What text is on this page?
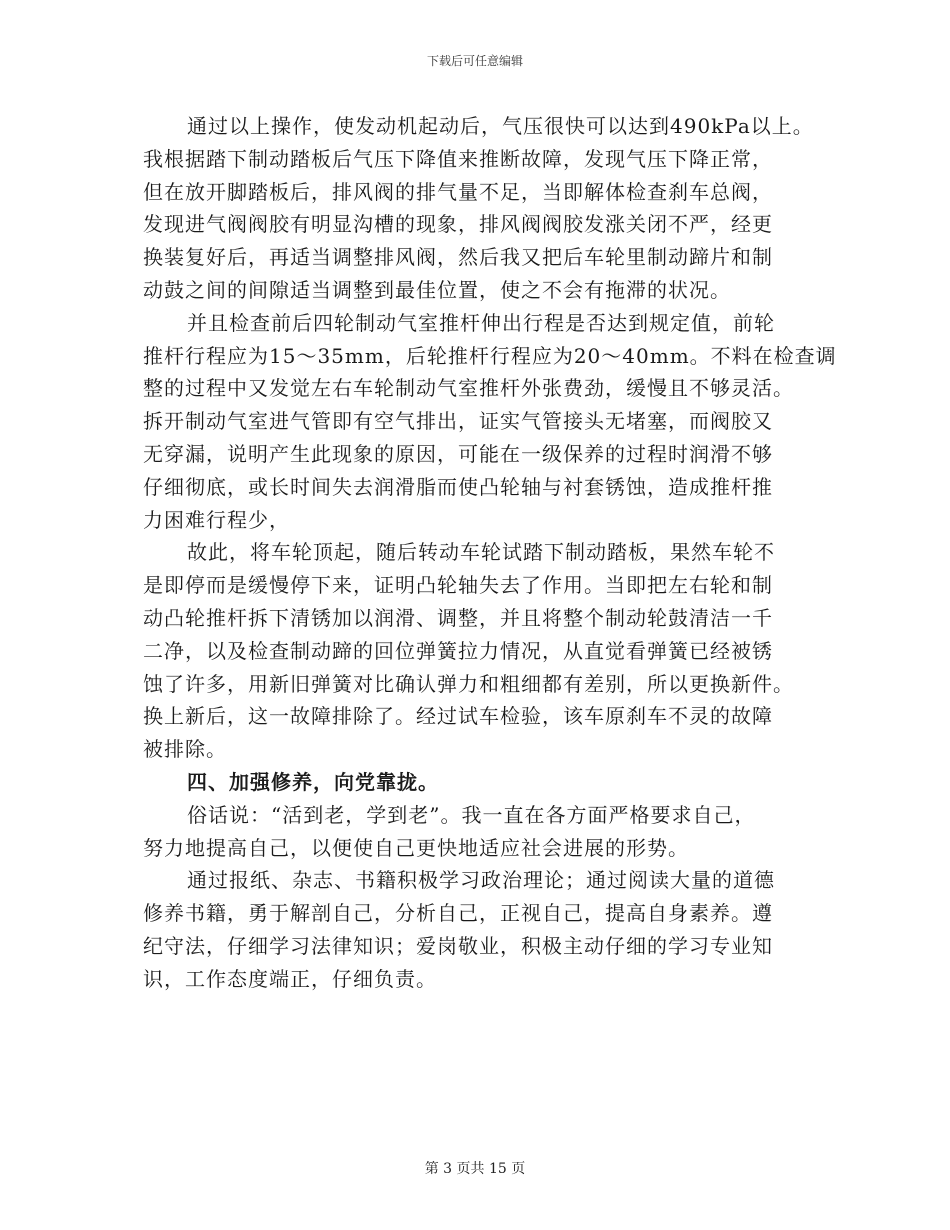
下载后可任意编辑
通过以上操作，使发动机起动后，气压很快可以达到490kPa以上。
我根据踏下制动踏板后气压下降值来推断故障，发现气压下降正常，
但在放开脚踏板后，排风阀的排气量不足，当即解体检查刹车总阀，
发现进气阀阀胶有明显沟槽的现象，排风阀阀胶发涨关闭不严，经更
换装复好后，再适当调整排风阀，然后我又把后车轮里制动蹄片和制
动鼓之间的间隙适当调整到最佳位置，使之不会有拖滞的状况。
并且检查前后四轮制动气室推杆伸出行程是否达到规定值，前轮
推杆行程应为15～35mm，后轮推杆行程应为20～40mm。不料在检查调
整的过程中又发觉左右车轮制动气室推杆外张费劲，缓慢且不够灵活。
拆开制动气室进气管即有空气排出，证实气管接头无堵塞，而阀胶又
无穿漏，说明产生此现象的原因，可能在一级保养的过程时润滑不够
仔细彻底，或长时间失去润滑脂而使凸轮轴与衬套锈蚀，造成推杆推
力困难行程少，
故此，将车轮顶起，随后转动车轮试踏下制动踏板，果然车轮不
是即停而是缓慢停下来，证明凸轮轴失去了作用。当即把左右轮和制
动凸轮推杆拆下清锈加以润滑、调整，并且将整个制动轮鼓清洁一千
二净，以及检查制动蹄的回位弹簧拉力情况，从直觉看弹簧已经被锈
蚀了许多，用新旧弹簧对比确认弹力和粗细都有差别，所以更换新件。
换上新后，这一故障排除了。经过试车检验，该车原刹车不灵的故障
被排除。
四、加强修养，向党靠拢。
俗话说：“活到老，学到老”。我一直在各方面严格要求自己，
努力地提高自己，以便使自己更快地适应社会进展的形势。
通过报纸、杂志、书籍积极学习政治理论；通过阅读大量的道德
修养书籍，勇于解剖自己，分析自己，正视自己，提高自身素养。遵
纪守法，仔细学习法律知识；爱岗敬业，积极主动仔细的学习专业知
识，工作态度端正，仔细负责。
第 3 页共 15 页
